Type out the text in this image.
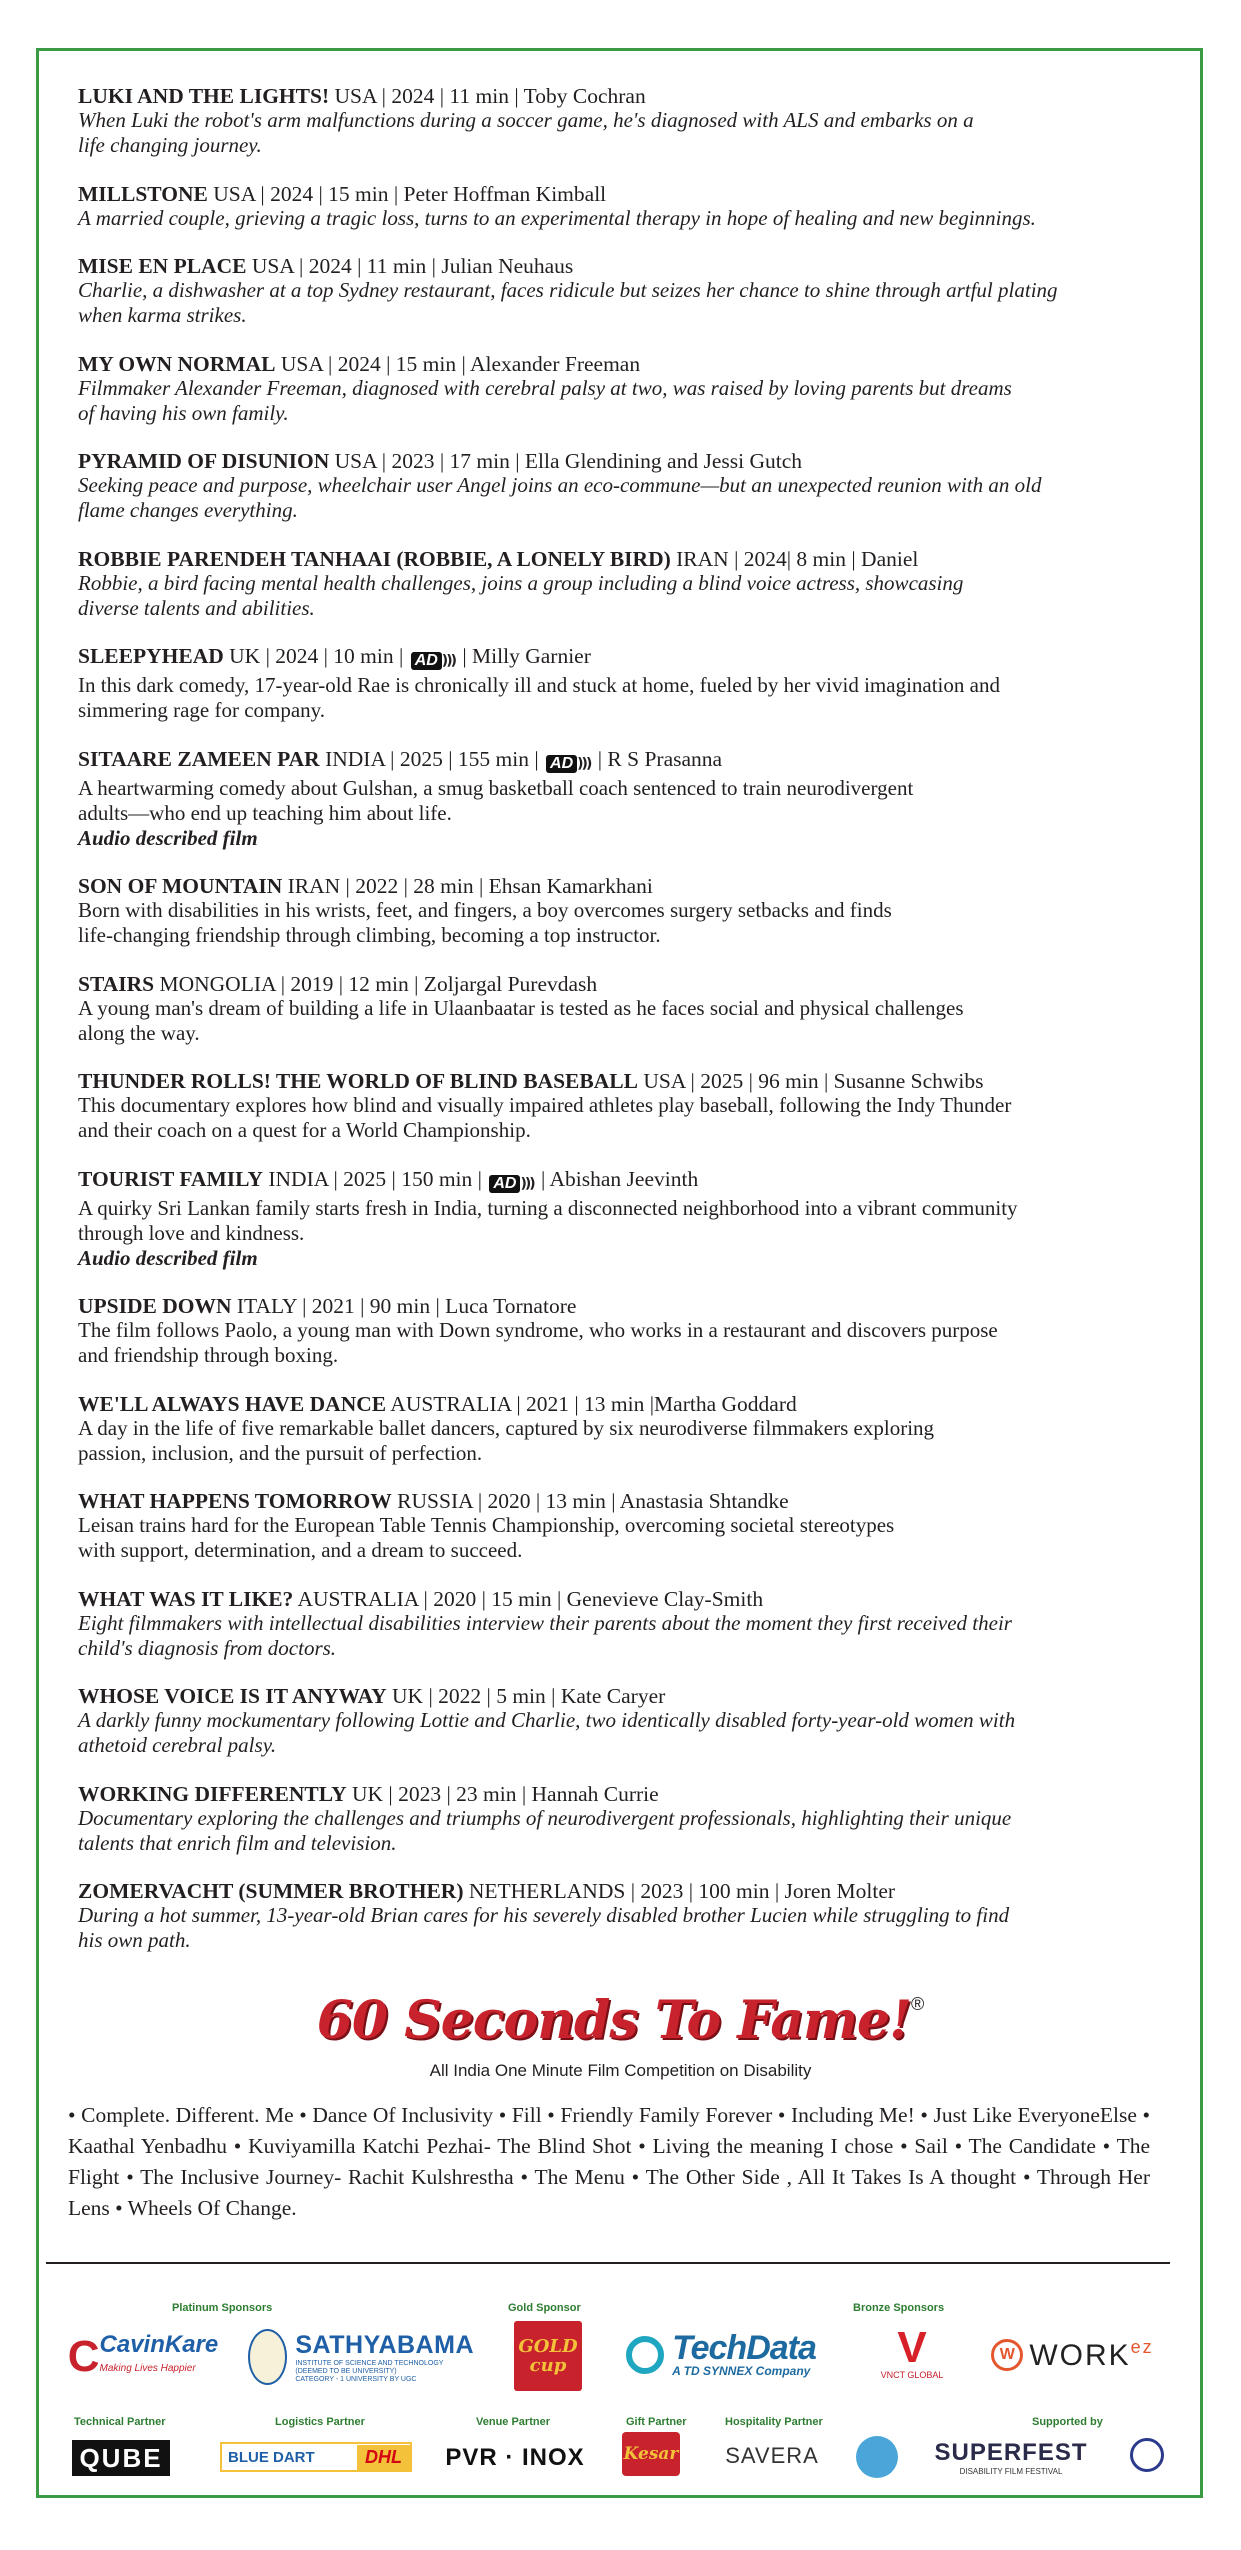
LUKI AND THE LIGHTS! USA | 2024 | 11 min | Toby Cochran
When Luki the robot's arm malfunctions during a soccer game, he's diagnosed with ALS and embarks on a
life changing journey.
MILLSTONE USA | 2024 | 15 min | Peter Hoffman Kimball
A married couple, grieving a tragic loss, turns to an experimental therapy in hope of healing and new beginnings.
MISE EN PLACE USA | 2024 | 11 min | Julian Neuhaus
Charlie, a dishwasher at a top Sydney restaurant, faces ridicule but seizes her chance to shine through artful plating
when karma strikes.
MY OWN NORMAL USA | 2024 | 15 min | Alexander Freeman
Filmmaker Alexander Freeman, diagnosed with cerebral palsy at two, was raised by loving parents but dreams
of having his own family.
PYRAMID OF DISUNION USA | 2023 | 17 min | Ella Glendining and Jessi Gutch
Seeking peace and purpose, wheelchair user Angel joins an eco-commune—but an unexpected reunion with an old
flame changes everything.
ROBBIE PARENDEH TANHAAI (ROBBIE, A LONELY BIRD) IRAN | 2024| 8 min | Daniel
Robbie, a bird facing mental health challenges, joins a group including a blind voice actress, showcasing
diverse talents and abilities.
SLEEPYHEAD UK | 2024 | 10 min | AD ))) | Milly Garnier
In this dark comedy, 17-year-old Rae is chronically ill and stuck at home, fueled by her vivid imagination and
simmering rage for company.
SITAARE ZAMEEN PAR INDIA | 2025 | 155 min | AD ))) | R S Prasanna
A heartwarming comedy about Gulshan, a smug basketball coach sentenced to train neurodivergent
adults—who end up teaching him about life.
Audio described film
SON OF MOUNTAIN IRAN | 2022 | 28 min | Ehsan Kamarkhani
Born with disabilities in his wrists, feet, and fingers, a boy overcomes surgery setbacks and finds
life-changing friendship through climbing, becoming a top instructor.
STAIRS MONGOLIA | 2019 | 12 min | Zoljargal Purevdash
A young man's dream of building a life in Ulaanbaatar is tested as he faces social and physical challenges
along the way.
THUNDER ROLLS! THE WORLD OF BLIND BASEBALL USA | 2025 | 96 min | Susanne Schwibs
This documentary explores how blind and visually impaired athletes play baseball, following the Indy Thunder
and their coach on a quest for a World Championship.
TOURIST FAMILY INDIA | 2025 | 150 min | AD ))) | Abishan Jeevinth
A quirky Sri Lankan family starts fresh in India, turning a disconnected neighborhood into a vibrant community
through love and kindness.
Audio described film
UPSIDE DOWN ITALY | 2021 | 90 min | Luca Tornatore
The film follows Paolo, a young man with Down syndrome, who works in a restaurant and discovers purpose
and friendship through boxing.
WE'LL ALWAYS HAVE DANCE AUSTRALIA | 2021 | 13 min |Martha Goddard
A day in the life of five remarkable ballet dancers, captured by six neurodiverse filmmakers exploring
passion, inclusion, and the pursuit of perfection.
WHAT HAPPENS TOMORROW RUSSIA | 2020 | 13 min | Anastasia Shtandke
Leisan trains hard for the European Table Tennis Championship, overcoming societal stereotypes
with support, determination, and a dream to succeed.
WHAT WAS IT LIKE? AUSTRALIA | 2020 | 15 min | Genevieve Clay-Smith
Eight filmmakers with intellectual disabilities interview their parents about the moment they first received their
child's diagnosis from doctors.
WHOSE VOICE IS IT ANYWAY UK | 2022 | 5 min | Kate Caryer
A darkly funny mockumentary following Lottie and Charlie, two identically disabled forty-year-old women with
athetoid cerebral palsy.
WORKING DIFFERENTLY UK | 2023 | 23 min | Hannah Currie
Documentary exploring the challenges and triumphs of neurodivergent professionals, highlighting their unique
talents that enrich film and television.
ZOMERVACHT (SUMMER BROTHER) NETHERLANDS | 2023 | 100 min | Joren Molter
During a hot summer, 13-year-old Brian cares for his severely disabled brother Lucien while struggling to find
his own path.
60 Seconds To Fame!®
All India One Minute Film Competition on Disability
• Complete. Different. Me • Dance Of Inclusivity • Fill • Friendly Family Forever • Including Me! • Just Like EveryoneElse • Kaathal Yenbadhu • Kuviyamilla Katchi Pezhai- The Blind Shot • Living the meaning I chose • Sail • The Candidate • The Flight • The Inclusive Journey- Rachit Kulshrestha • The Menu • The Other Side , All It Takes Is A thought • Through Her Lens • Wheels Of Change.
Platinum Sponsors	Gold Sponsor	Bronze Sponsors
C CavinKare
Making Lives Happier
SATHYABAMA
INSTITUTE OF SCIENCE AND TECHNOLOGY
(DEEMED TO BE UNIVERSITY)
CATEGORY - 1 UNIVERSITY BY UGC
GOLD
cup	TechData
A TD SYNNEX Company V
VNCT GLOBAL
W $WORK^{ez}$
Technical Partner	Logistics Partner	Venue Partner	Gift Partner	Hospitality Partner	Supported by
QUBE	BLUE DART	DHL	PVR · INOX Kesar SAVERA	SUPERFEST
DISABILITY FILM FESTIVAL
